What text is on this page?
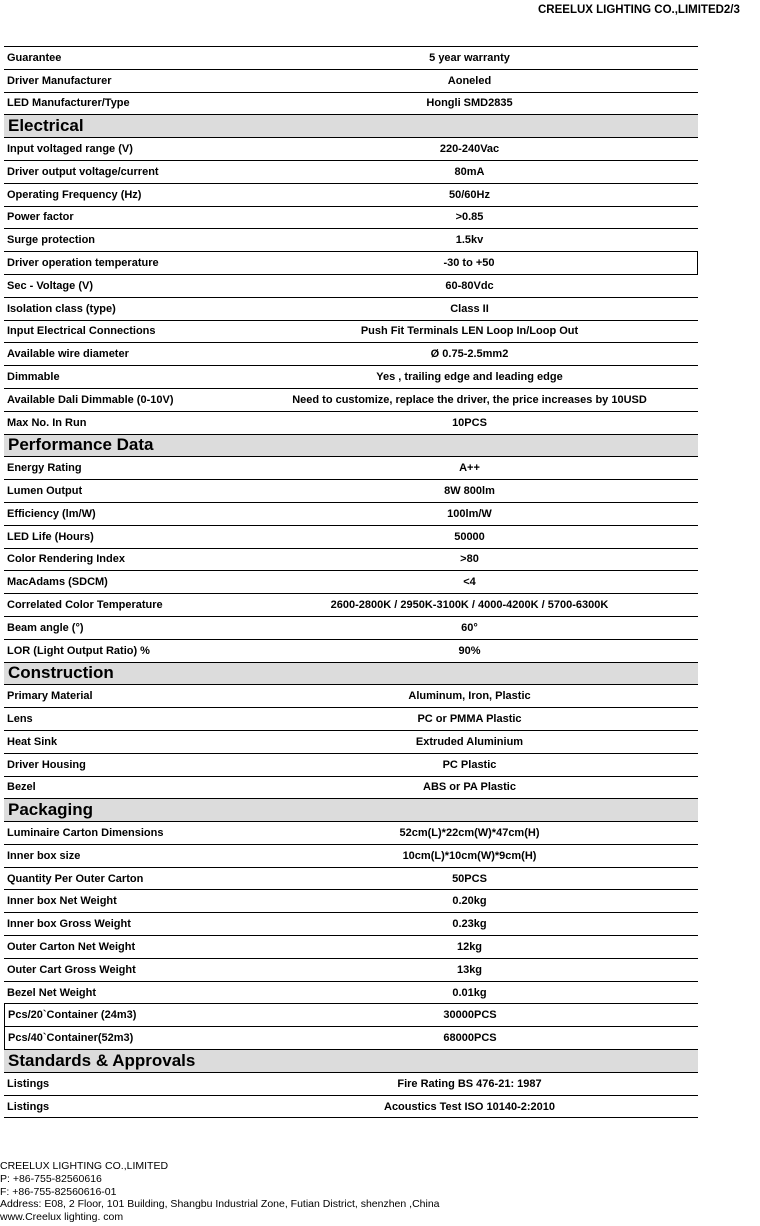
CREELUX LIGHTING CO.,LIMITED2/3
Guarantee	5 year warranty
Driver Manufacturer	Aoneled
LED Manufacturer/Type	Hongli SMD2835
Electrical
Input voltaged range (V)	220-240Vac
Driver output voltage/current	80mA
Operating Frequency (Hz)	50/60Hz
Power factor	>0.85
Surge protection	1.5kv
Driver operation temperature	-30 to +50
Sec - Voltage (V)	60-80Vdc
Isolation class (type)	Class II
Input Electrical Connections	Push Fit Terminals LEN Loop In/Loop Out
Available wire diameter	Ø 0.75-2.5mm2
Dimmable	Yes , trailing edge and leading edge
Available Dali Dimmable (0-10V)	Need to customize, replace the driver, the price increases by 10USD
Max No. In Run	10PCS
Performance Data
Energy Rating	A++
Lumen Output	8W 800lm
Efficiency (lm/W)	100lm/W
LED Life (Hours)	50000
Color Rendering Index	>80
MacAdams (SDCM)	<4
Correlated Color Temperature	2600-2800K / 2950K-3100K / 4000-4200K / 5700-6300K
Beam angle (°)	60°
LOR (Light Output Ratio) %	90%
Construction
Primary Material	Aluminum, Iron, Plastic
Lens	PC or PMMA Plastic
Heat Sink	Extruded Aluminium
Driver Housing	PC Plastic
Bezel	ABS or PA Plastic
Packaging
Luminaire Carton Dimensions	52cm(L)*22cm(W)*47cm(H)
Inner box size	10cm(L)*10cm(W)*9cm(H)
Quantity Per Outer Carton	50PCS
Inner box Net Weight	0.20kg
Inner box Gross Weight	0.23kg
Outer Carton Net Weight	12kg
Outer Cart Gross Weight	13kg
Bezel Net Weight	0.01kg
Pcs/20`Container (24m3)	30000PCS
Pcs/40`Container(52m3)	68000PCS
Standards & Approvals
Listings	Fire Rating BS 476-21: 1987
Listings	Acoustics Test ISO 10140-2:2010
CREELUX LIGHTING CO.,LIMITED
P: +86-755-82560616
F: +86-755-82560616-01
Address: E08, 2 Floor, 101 Building, Shangbu Industrial Zone, Futian District, shenzhen ,China
www.Creelux lighting. com
